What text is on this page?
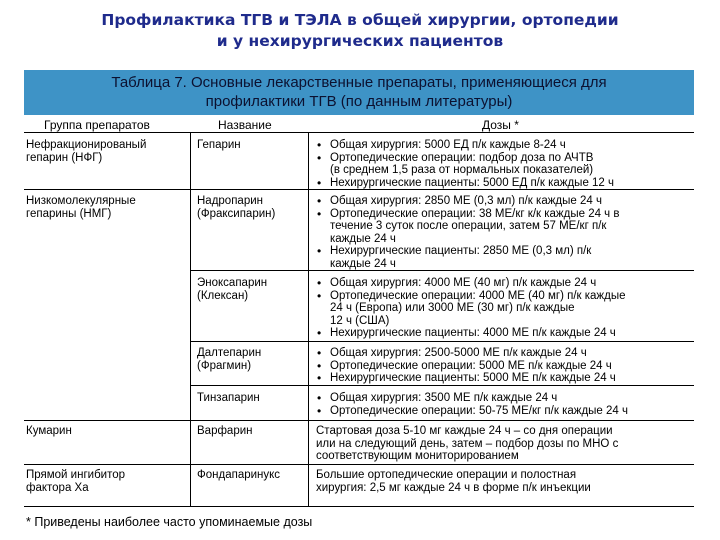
Профилактика ТГВ и ТЭЛА в общей хирургии, ортопедии
и у нехирургических пациентов
Таблица 7. Основные лекарственные препараты, применяющиеся для
профилактики ТГВ (по данным литературы)
Группа препаратов	Название	Дозы *
Нефракционированый
гепарин (НФГ)
Низкомолекулярные
гепарины (НМГ)
Кумарин
Прямой ингибитор
фактора Ха
Гепарин
Надропарин
(Фраксипарин)
Эноксапарин
(Клексан)
Далтепарин
(Фрагмин)
Тинзапарин
Варфарин
Фондапаринукс
• Общая хирургия: 5000 ЕД п/к каждые 8-24 ч
• Ортопедические операции: подбор доза по АЧТВ
(в среднем 1,5 раза от нормальных показателей)
• Нехирургические пациенты: 5000 ЕД п/к каждые 12 ч
• Общая хирургия: 2850 МЕ (0,3 мл) п/к каждые 24 ч
• Ортопедические операции: 38 МЕ/кг к/к каждые 24 ч в
течение 3 суток после операции, затем 57 МЕ/кг п/к
каждые 24 ч
• Нехирургические пациенты: 2850 МЕ (0,3 мл) п/к
каждые 24 ч
• Общая хирургия: 4000 МЕ (40 мг) п/к каждые 24 ч
• Ортопедические операции: 4000 МЕ (40 мг) п/к каждые
24 ч (Европа) или 3000 МЕ (30 мг) п/к каждые
12 ч (США)
• Нехирургические пациенты: 4000 МЕ п/к каждые 24 ч
• Общая хирургия: 2500-5000 МЕ п/к каждые 24 ч
• Ортопедические операции: 5000 МЕ п/к каждые 24 ч
• Нехирургические пациенты: 5000 МЕ п/к каждые 24 ч
• Общая хирургия: 3500 МЕ п/к каждые 24 ч
• Ортопедические операции: 50-75 МЕ/кг п/к каждые 24 ч
Стартовая доза 5-10 мг каждые 24 ч – со дня операции
или на следующий день, затем – подбор дозы по МНО с
соответствующим мониторированием
Большие ортопедические операции и полостная
хирургия: 2,5 мг каждые 24 ч в форме п/к инъекции
* Приведены наиболее часто упоминаемые дозы
